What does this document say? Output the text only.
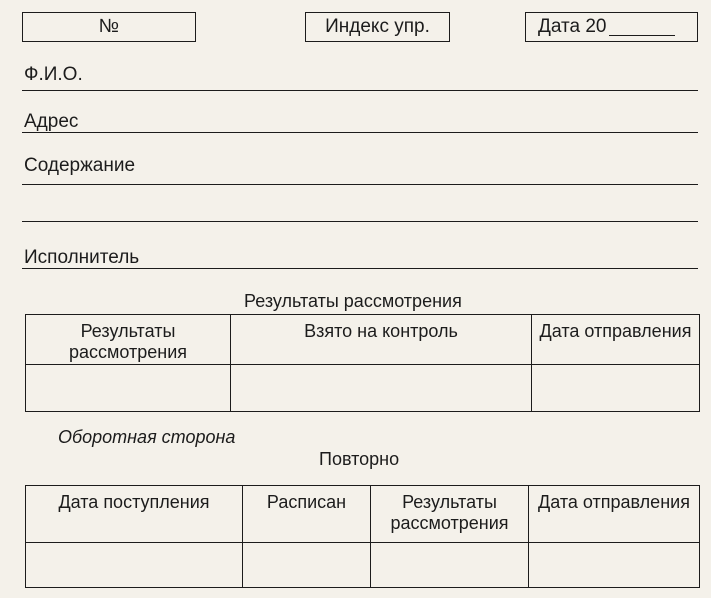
№	Индекс упр.	Дата 20
Ф.И.О.
Адрес
Содержание
Исполнитель
Результаты рассмотрения
Результаты рассмотрения	Взято на контроль	Дата отправления

Оборотная сторона
Повторно
Дата поступления	Расписан	Результаты рассмотрения	Дата отправления
